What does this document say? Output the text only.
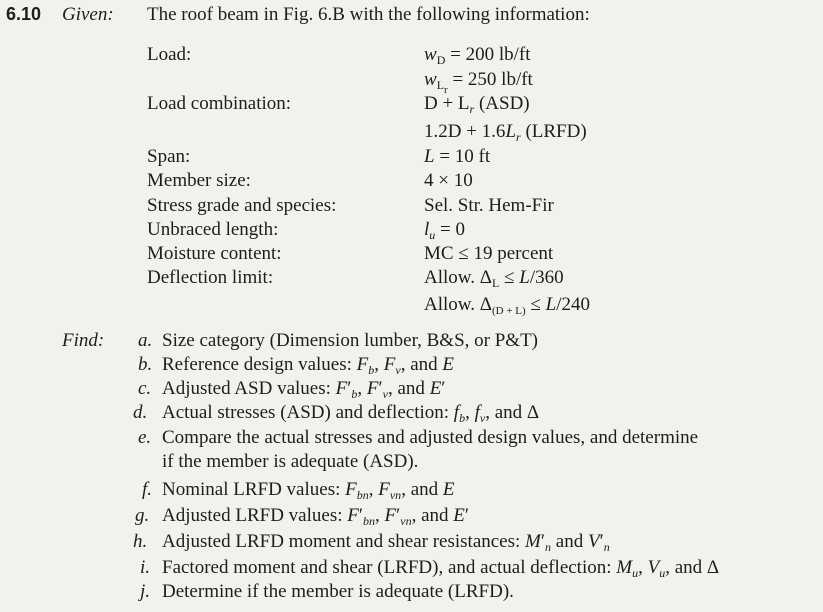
6.10 Given: The roof beam in Fig. 6.B with the following information:
Load:
Load combination:
Span:
Member size:
Stress grade and species:
Unbraced length:
Moisture content:
Deflection limit:
$w_D = 200$ lb/ft
$w_{L_r} = 250$ lb/ft
$D + L_r$ (ASD)
$1.2D + 1.6L_r$ (LRFD)
L = 10 ft
4 × 10
Sel. Str. Hem-Fir
$l_u = 0$
MC ≤ 19 percent
Allow. $\Delta_L \le L/360$
Allow. $\Delta_{(D + L)} \le L/240$
Find: a. Size category (Dimension lumber, B&S, or P&T)
b. Reference design values: $F_b$, $F_v$, and E
c. Adjusted ASD values: $F'_b$, $F'_v$, and E′
d. Actual stresses (ASD) and deflection: $f_b$, $f_v$, and Δ
e. Compare the actual stresses and adjusted design values, and determine
if the member is adequate (ASD).
f. Nominal LRFD values: $F_{bn}$, $F_{vn}$, and E
g. Adjusted LRFD values: $F'_{bn}$, $F'_{vn}$, and E′
h. Adjusted LRFD moment and shear resistances: $M'_n$ and $V'_n$
i. Factored moment and shear (LRFD), and actual deflection: $M_u$, $V_u$, and Δ
j. Determine if the member is adequate (LRFD).
